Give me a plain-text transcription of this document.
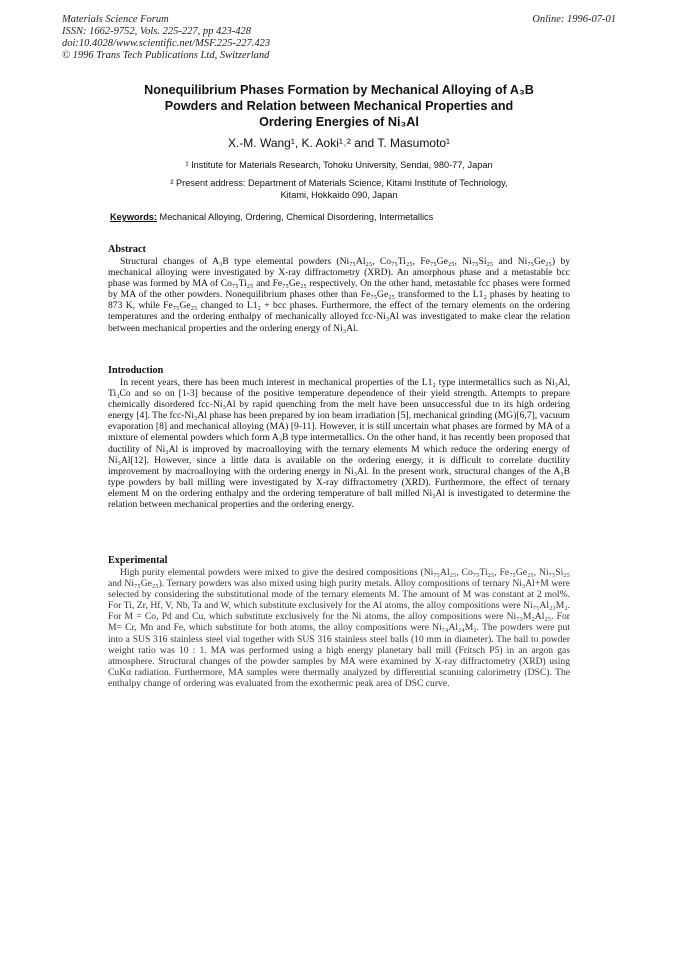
Materials Science Forum
ISSN: 1662-9752, Vols. 225-227, pp 423-428
doi:10.4028/www.scientific.net/MSF.225-227.423
© 1996 Trans Tech Publications Ltd, Switzerland
Online: 1996-07-01
Nonequilibrium Phases Formation by Mechanical Alloying of A₃B
Powders and Relation between Mechanical Properties and
Ordering Energies of Ni₃Al
X.-M. Wang¹, K. Aoki¹˒² and T. Masumoto¹
¹ Institute for Materials Research, Tohoku University, Sendai, 980-77, Japan
² Present address: Department of Materials Science, Kitami Institute of Technology,
Kitami, Hokkaido 090, Japan
Keywords: Mechanical Alloying, Ordering, Chemical Disordering, Intermetallics
Abstract

Structural changes of A₃B type elemental powders (Ni₇₅Al₂₅, Co₇₅Ti₂₅, Fe₇₅Ge₂₅, Ni₇₅Si₂₅ and Ni₇₅Ge₂₅) by mechanical alloying were investigated by X-ray diffractometry (XRD). An amorphous phase and a metastable bcc phase was formed by MA of Co₇₅Ti₂₅ and Fe₇₅Ge₂₅ respectively. On the other hand, metastable fcc phases were formed by MA of the other powders. Nonequilibrium phases other than Fe₇₅Ge₂₅ transformed to the L1₂ phases by heating to 873 K, while Fe₇₅Ge₂₅ changed to L1₂ + bcc phases. Furthermore, the effect of the ternary elements on the ordering temperatures and the ordering enthalpy of mechanically alloyed fcc-Ni₃Al was investigated to make clear the relation between mechanical properties and the ordering energy of Ni₃Al.

Introduction

In recent years, there has been much interest in mechanical properties of the L1₂ type intermetallics such as Ni₃Al, Ti₃Co and so on [1-3] because of the positive temperature dependence of their yield strength. Attempts to prepare chemically disordered fcc-Ni₃Al by rapid quenching from the melt have been unsuccessful due to its high ordering energy [4]. The fcc-Ni₃Al phase has been prepared by ion beam irradiation [5], mechanical grinding (MG)[6,7], vacuum evaporation [8] and mechanical alloying (MA) [9-11]. However, it is still uncertain what phases are formed by MA of a mixture of elemental powders which form A₃B type intermetallics. On the other hand, it has recently been proposed that ductility of Ni₃Al is improved by macroalloying with the ternary elements M which reduce the ordering energy of Ni₃Al[12]. However, since a little data is available on the ordering energy, it is difficult to correlate ductility improvement by macroalloying with the ordering energy in Ni₃Al. In the present work, structural changes of the A₃B type powders by ball milling were investigated by X-ray diffractometry (XRD). Furthermore, the effect of ternary element M on the ordering enthalpy and the ordering temperature of ball milled Ni₃Al is investigated to determine the relation between mechanical properties and the ordering energy.

Experimental

High purity elemental powders were mixed to give the desired compositions (Ni₇₅Al₂₅, Co₇₅Ti₂₅, Fe₇₅Ge₂₅, Ni₇₅Si₂₅ and Ni₇₅Ge₂₅). Ternary powders was also mixed using high purity metals. Alloy compositions of ternary Ni₃Al+M were selected by considering the substitutional mode of the ternary elements M. The amount of M was constant at 2 mol%. For Ti, Zr, Hf, V, Nb, Ta and W, which substitute exclusively for the Al atoms, the alloy compositions were Ni₇₅Al₂₃M₂. For M = Co, Pd and Cu, which substitute exclusively for the Ni atoms, the alloy compositions were Ni₇₃M₂Al₂₅. For M= Cr, Mn and Fe, which substitute for both atoms, the alloy compositions were Ni₇₄Al₂₄M₂. The powders were put into a SUS 316 stainless steel vial together with SUS 316 stainless steel balls (10 mm in diameter). The ball to powder weight ratio was 10 : 1. MA was performed using a high energy planetary ball mill (Fritsch P5) in an argon gas atmosphere. Structural changes of the powder samples by MA were examined by X-ray diffractometry (XRD) using CuKα radiation. Furthermore, MA samples were thermally analyzed by differential scanning calorimetry (DSC). The enthalpy change of ordering was evaluated from the exothermic peak area of DSC curve.
